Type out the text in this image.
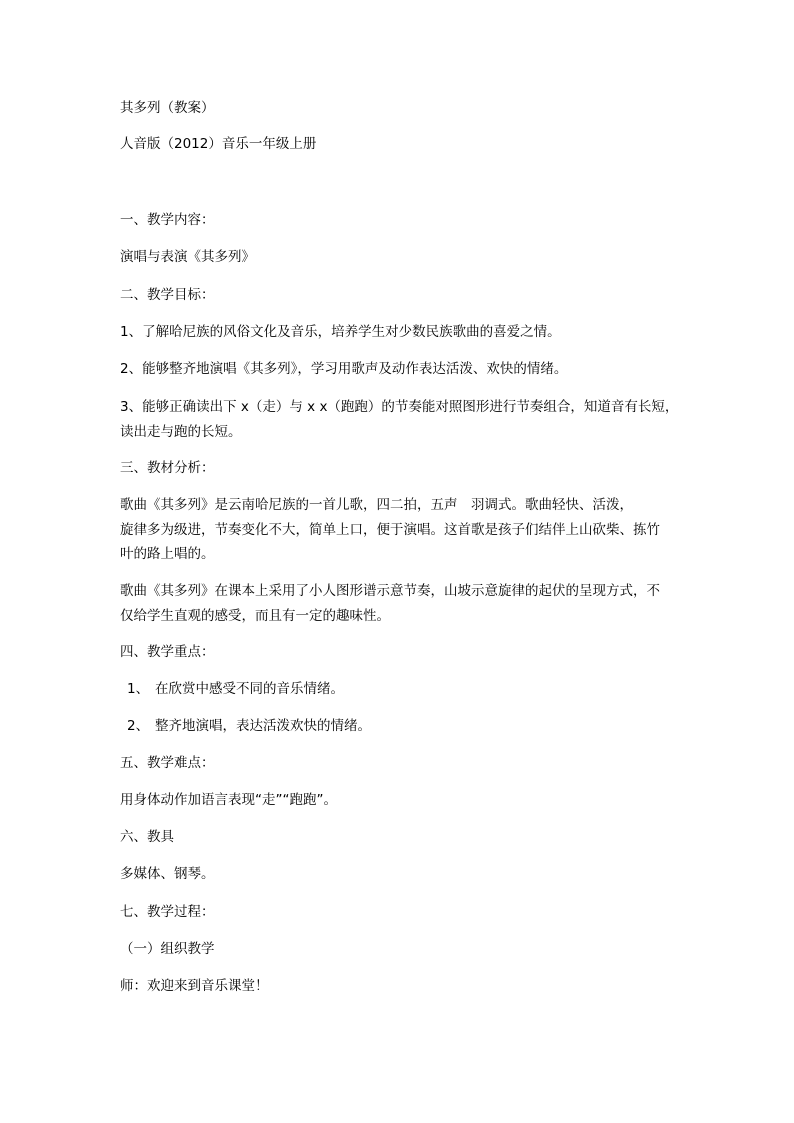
其多列（教案）

人音版（2012）音乐一年级上册

一、教学内容：

演唱与表演《其多列》

二、教学目标：

1、了解哈尼族的风俗文化及音乐，培养学生对少数民族歌曲的喜爱之情。

2、能够整齐地演唱《其多列》，学习用歌声及动作表达活泼、欢快的情绪。

3、能够正确读出下 x（走）与 x x（跑跑）的节奏能对照图形进行节奏组合，知道音有长短，

读出走与跑的长短。

三、教材分析：

歌曲《其多列》是云南哈尼族的一首儿歌，四二拍，五声　羽调式。歌曲轻快、活泼，

旋律多为级进，节奏变化不大，简单上口，便于演唱。这首歌是孩子们结伴上山砍柴、拣竹

叶的路上唱的。

歌曲《其多列》在课本上采用了小人图形谱示意节奏，山坡示意旋律的起伏的呈现方式，不

仅给学生直观的感受，而且有一定的趣味性。

四、教学重点：

1、 在欣赏中感受不同的音乐情绪。

2、 整齐地演唱，表达活泼欢快的情绪。

五、教学难点：

用身体动作加语言表现“走”“跑跑”。

六、教具

多媒体、钢琴。

七、教学过程：

（一）组织教学

师：欢迎来到音乐课堂！
